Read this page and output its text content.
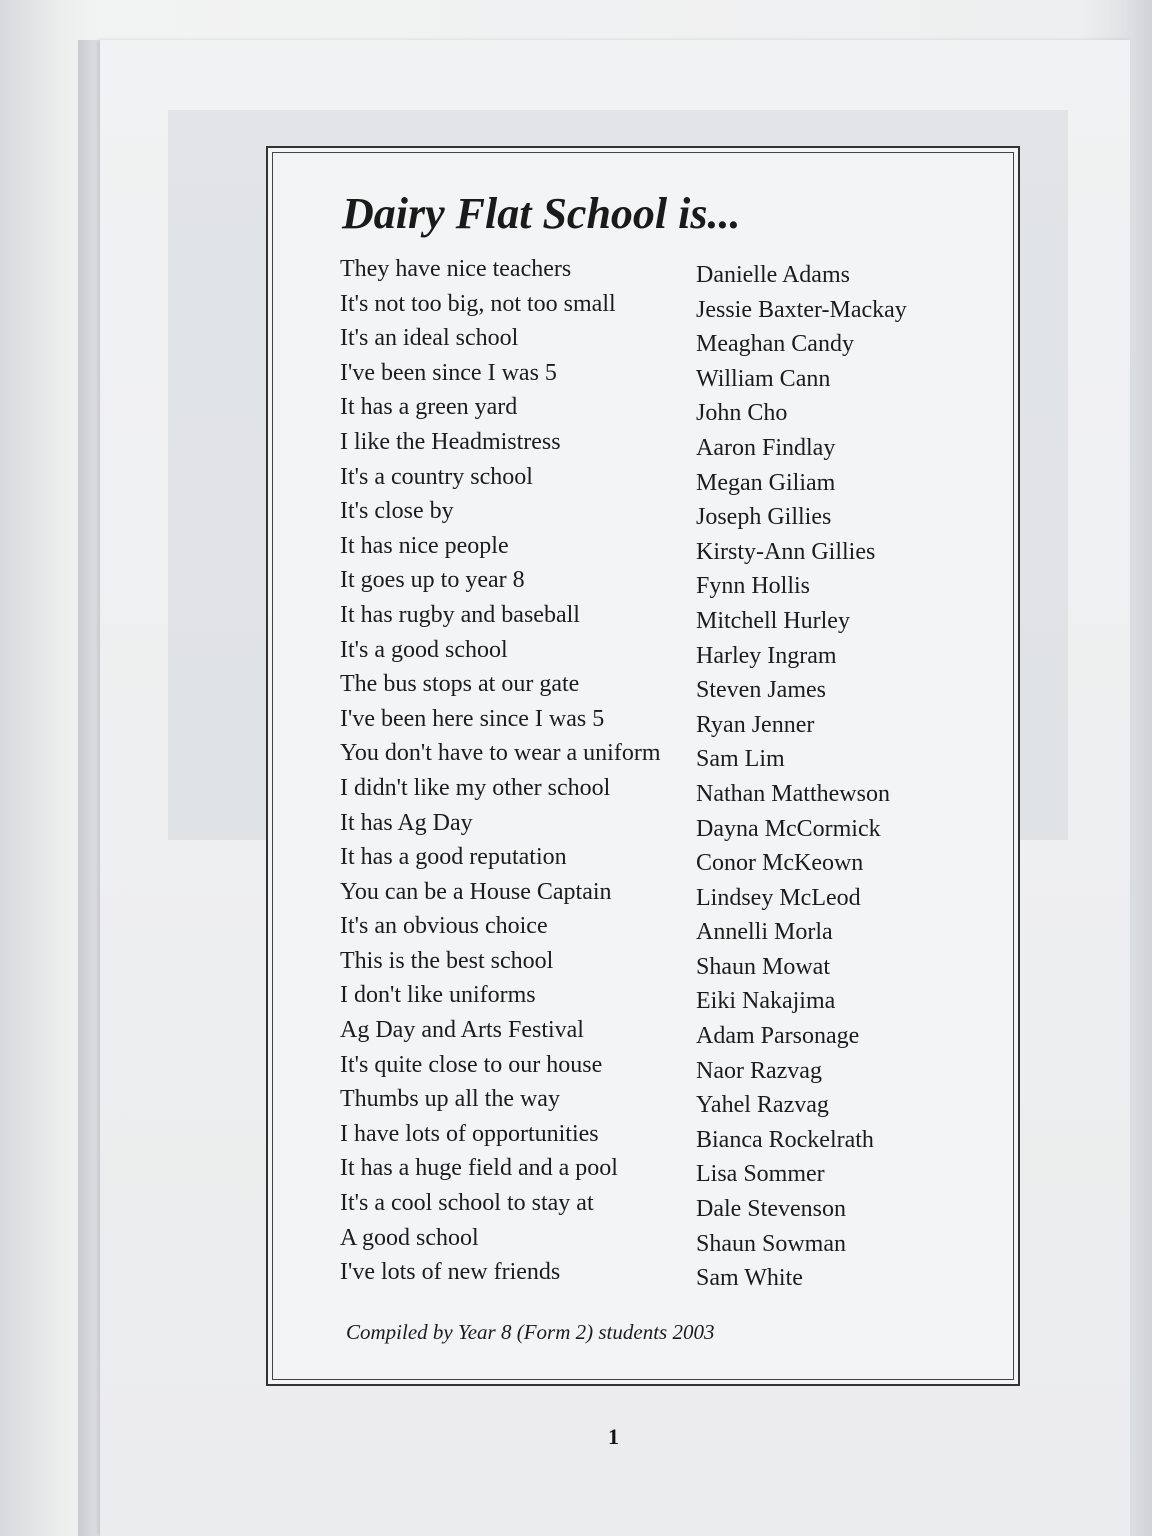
Dairy Flat School is...
They have nice teachers
It's not too big, not too small
It's an ideal school
I've been since I was 5
It has a green yard
I like the Headmistress
It's a country school
It's close by
It has nice people
It goes up to year 8
It has rugby and baseball
It's a good school
The bus stops at our gate
I've been here since I was 5
You don't have to wear a uniform
I didn't like my other school
It has Ag Day
It has a good reputation
You can be a House Captain
It's an obvious choice
This is the best school
I don't like uniforms
Ag Day and Arts Festival
It's quite close to our house
Thumbs up all the way
I have lots of opportunities
It has a huge field and a pool
It's a cool school to stay at
A good school
I've lots of new friends
Danielle Adams
Jessie Baxter-Mackay
Meaghan Candy
William Cann
John Cho
Aaron Findlay
Megan Giliam
Joseph Gillies
Kirsty-Ann Gillies
Fynn Hollis
Mitchell Hurley
Harley Ingram
Steven James
Ryan Jenner
Sam Lim
Nathan Matthewson
Dayna McCormick
Conor McKeown
Lindsey McLeod
Annelli Morla
Shaun Mowat
Eiki Nakajima
Adam Parsonage
Naor Razvag
Yahel Razvag
Bianca Rockelrath
Lisa Sommer
Dale Stevenson
Shaun Sowman
Sam White

Compiled by Year 8 (Form 2) students 2003

1
